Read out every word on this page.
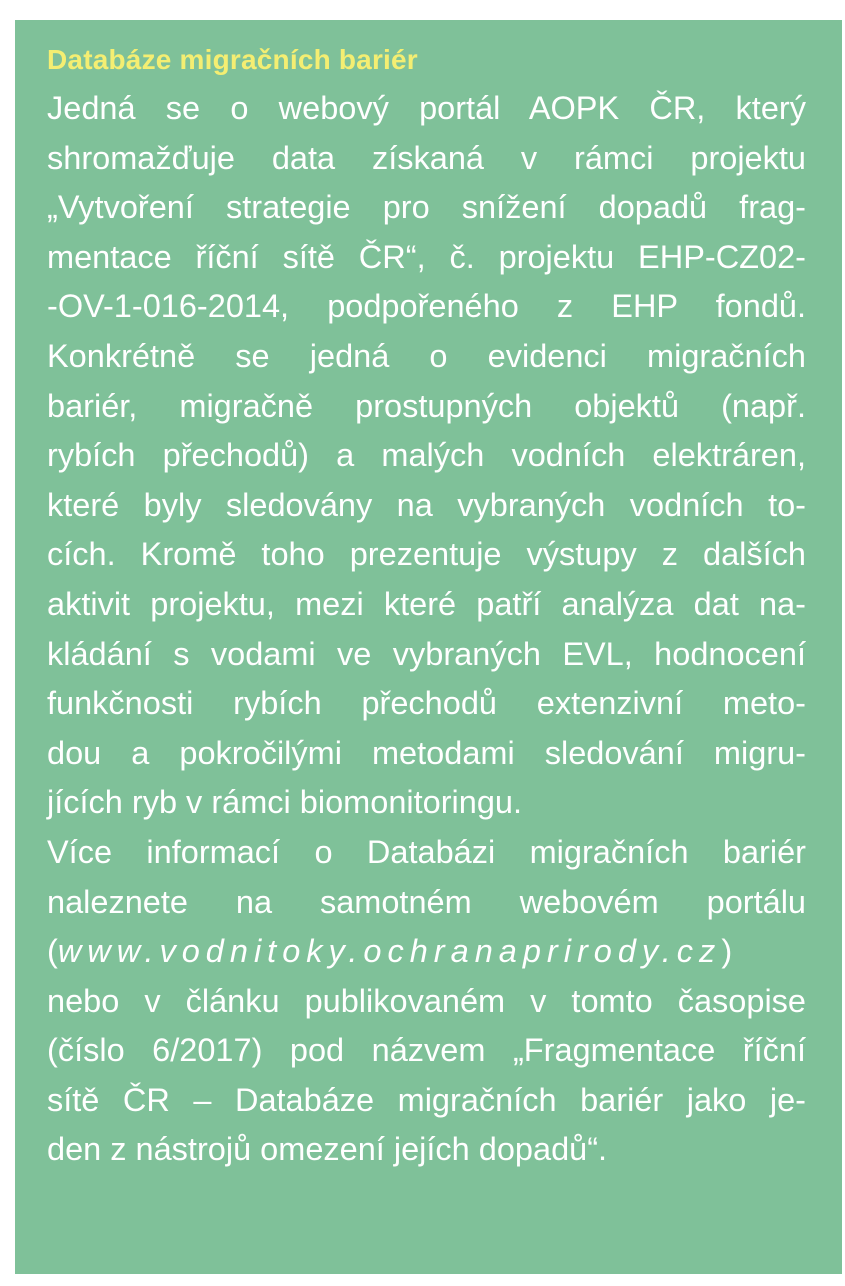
Databáze migračních bariér
Jedná se o webový portál AOPK ČR, který
shromažďuje data získaná v rámci projektu
„Vytvoření strategie pro snížení dopadů frag-
mentace říční sítě ČR“, č. projektu EHP-CZ02-
-OV-1-016-2014, podpořeného z EHP fondů.
Konkrétně se jedná o evidenci migračních
bariér, migračně prostupných objektů (např.
rybích přechodů) a malých vodních elektráren,
které byly sledovány na vybraných vodních to-
cích. Kromě toho prezentuje výstupy z dalších
aktivit projektu, mezi které patří analýza dat na-
kládání s vodami ve vybraných EVL, hodnocení
funkčnosti rybích přechodů extenzivní meto-
dou a pokročilými metodami sledování migru-
jících ryb v rámci biomonitoringu.
Více informací o Databázi migračních bariér
naleznete na samotném webovém portálu
(www.vodnitoky.ochranaprirody.cz)
nebo v článku publikovaném v tomto časopise
(číslo 6/2017) pod názvem „Fragmentace říční
sítě ČR – Databáze migračních bariér jako je-
den z nástrojů omezení jejích dopadů“.
